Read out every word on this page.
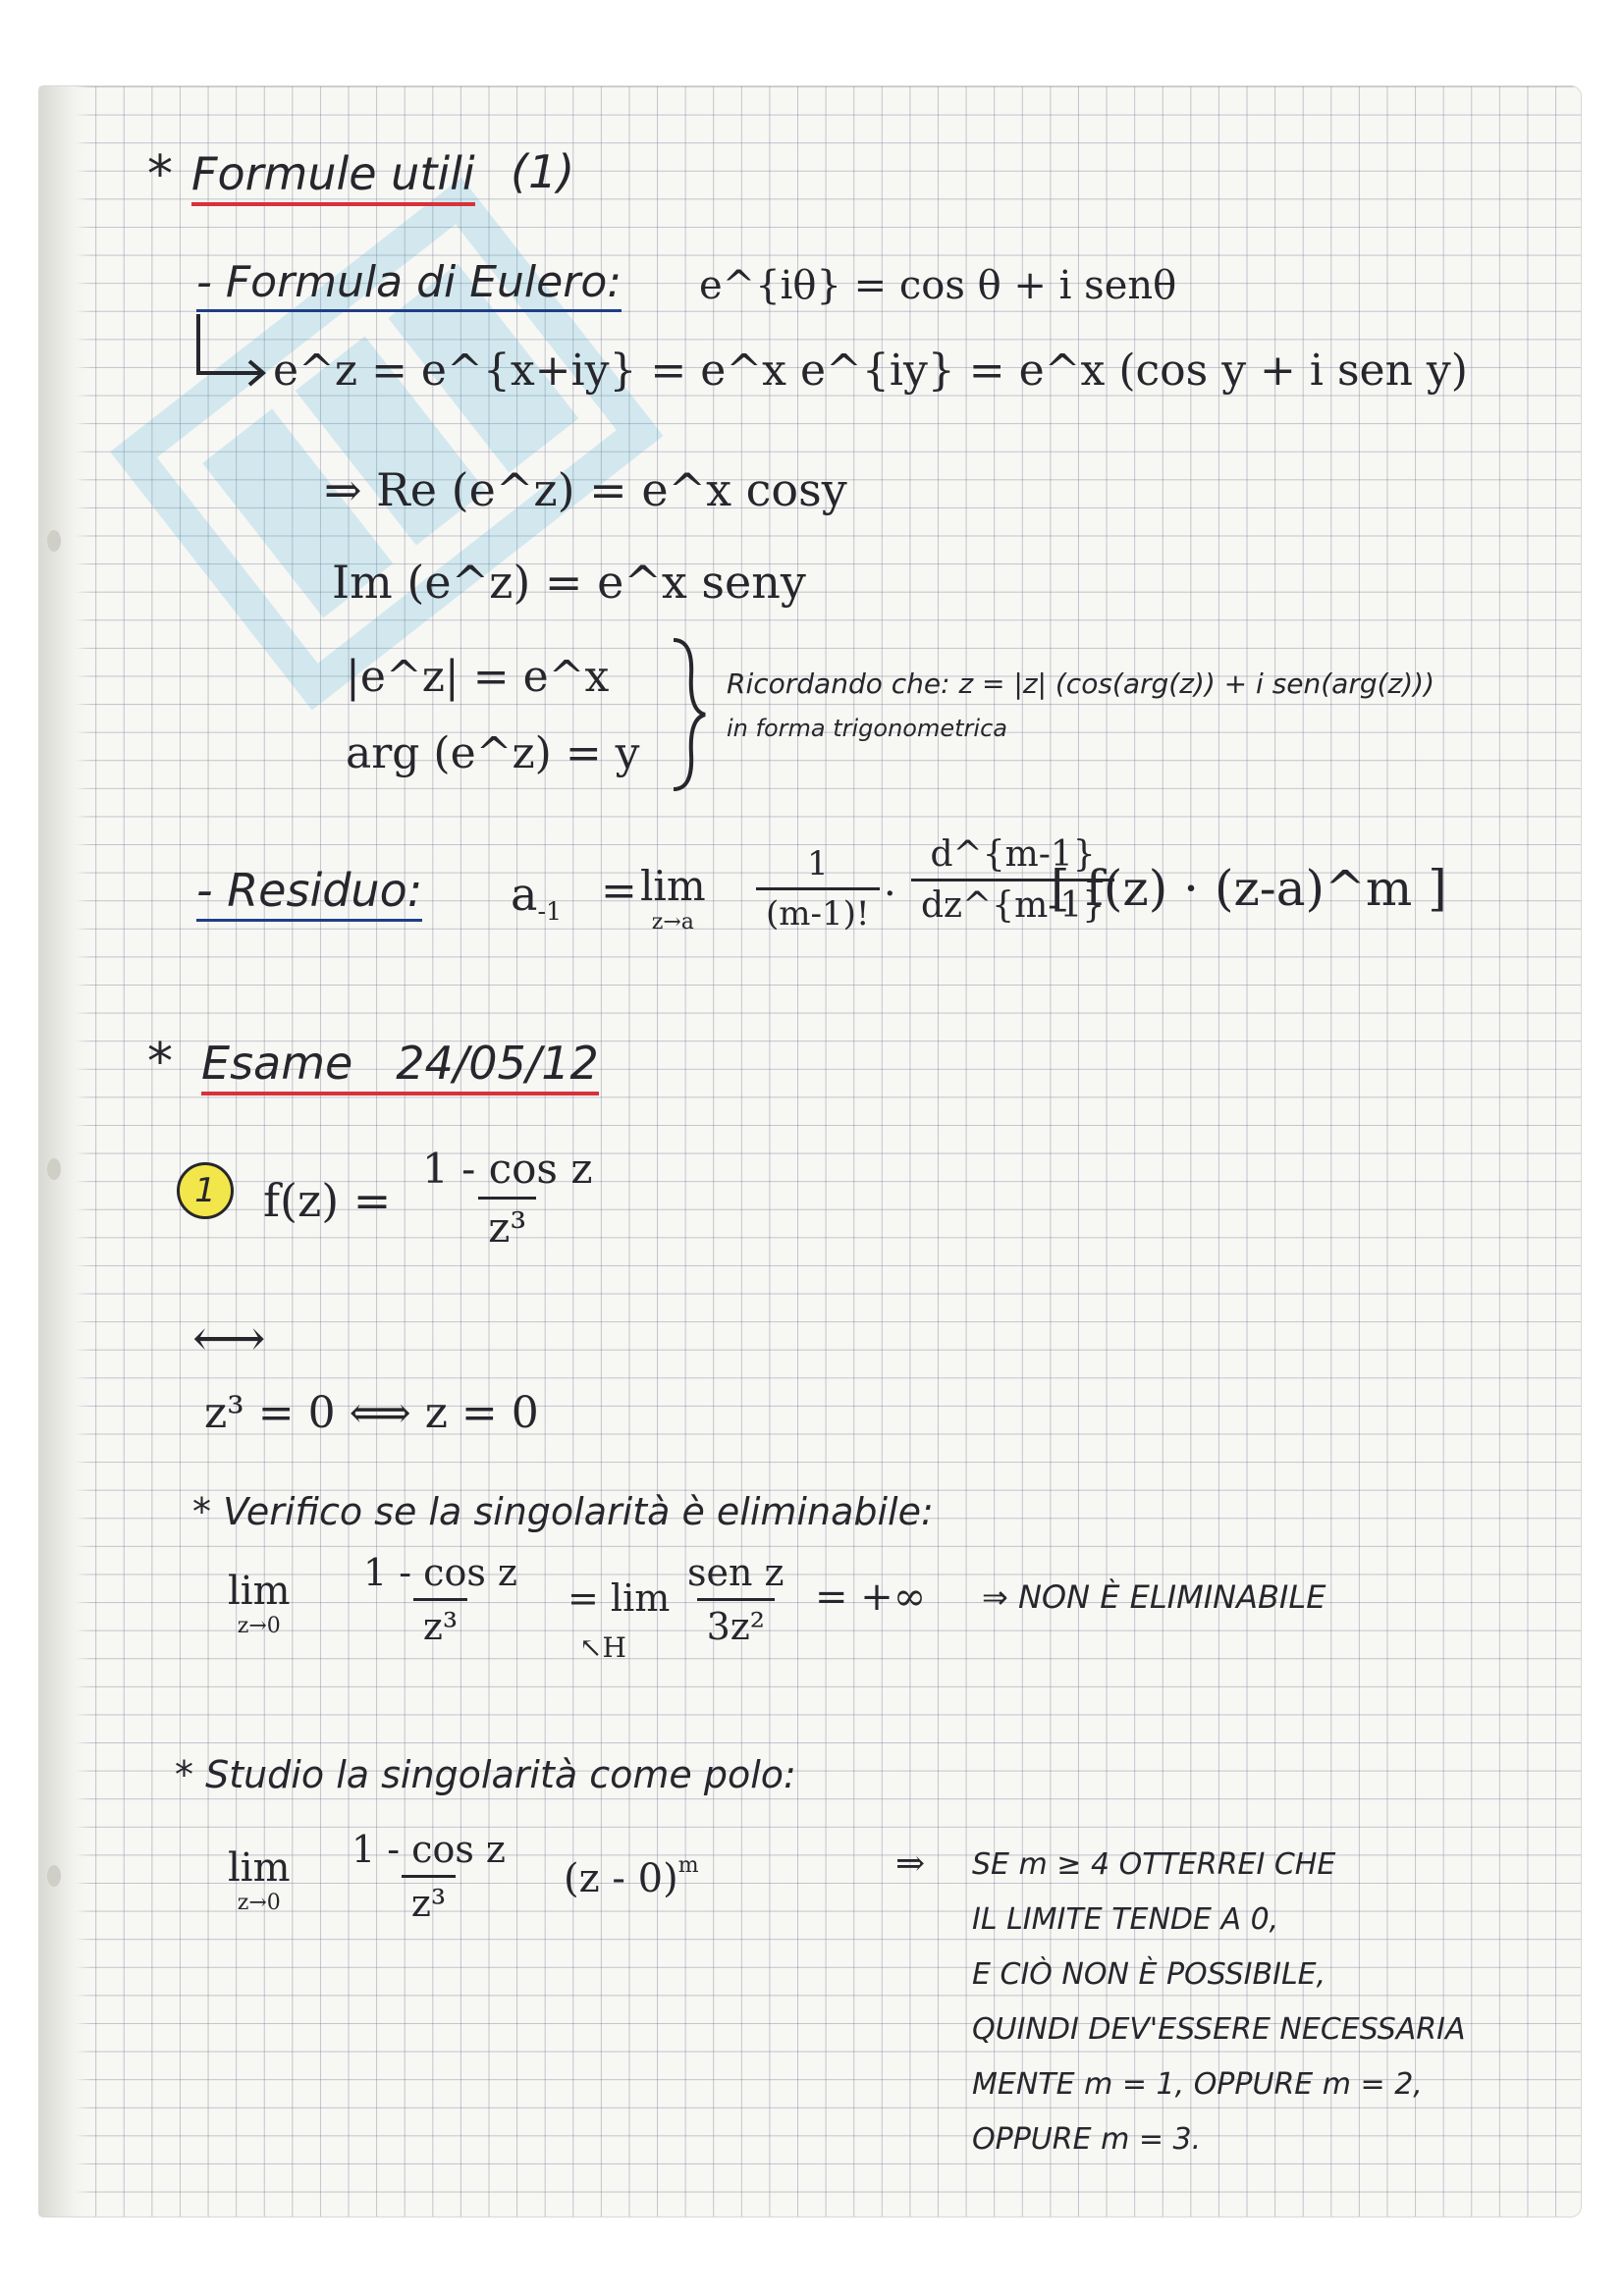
* Formule utili (1)
- Formula di Eulero: e^{iθ} = cos θ + i senθ
e^z = e^{x+iy} = e^x e^{iy} = e^x (cos y + i sen y)
⇒ Re (e^z) = e^x cosy
Im (e^z) = e^x seny
|e^z| = e^x
arg (e^z) = y
Ricordando che: z = |z| (cos(arg(z)) + i sen(arg(z)))
in forma trigonometrica
- Residuo: $a_{-1} = \lim$
$z\to a \frac{1}{(m-1)!} \cdot \frac{d\^{}\{m-1\}}{dz\^{}\{m-1\}}$
[ f(z) · (z-a)^m ]
* Esame 24/05/12
1	$f(z) = \frac{\text{1 - cos z}}{\text{z³}}$
⟷
z³ = 0 ⟺ z = 0
* Verifico se la singolarità è eliminabile:
lim
$z\to 0 \frac{\text{1 - cos z}}{\text{z³}} = \lim$
↖H
sen z
3z²
= +∞ ⇒ NON È ELIMINABILE
* Studio la singolarità come polo:
lim
$z\to 0 \frac{\text{1 - cos z}}{\text{z³}} (z - 0)^m$	⇒ SE m ≥ 4 OTTERREI CHE
IL LIMITE TENDE A 0,
E CIÒ NON È POSSIBILE,
QUINDI DEV'ESSERE NECESSARIA
MENTE m = 1, OPPURE m = 2,
OPPURE m = 3.
